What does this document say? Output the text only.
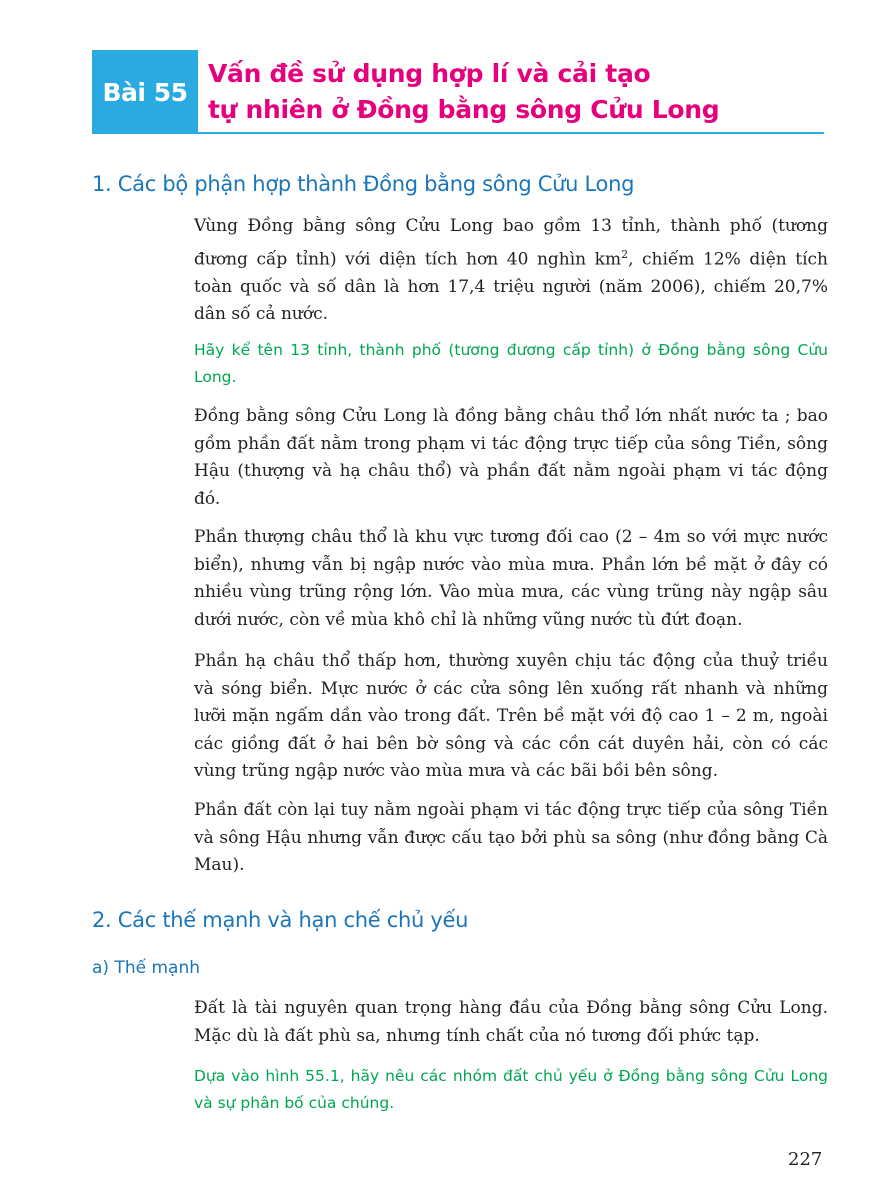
Bài 55
Vấn đề sử dụng hợp lí và cải tạo
tự nhiên ở Đồng bằng sông Cửu Long
1. Các bộ phận hợp thành Đồng bằng sông Cửu Long

Vùng Đồng bằng sông Cửu Long bao gồm 13 tỉnh, thành phố (tương đương cấp tỉnh) với diện tích hơn 40 nghìn $km^2$, chiếm 12% diện tích toàn quốc và số dân là hơn 17,4 triệu người (năm 2006), chiếm 20,7% dân số cả nước.

Hãy kể tên 13 tỉnh, thành phố (tương đương cấp tỉnh) ở Đồng bằng sông Cửu Long.

Đồng bằng sông Cửu Long là đồng bằng châu thổ lớn nhất nước ta ; bao gồm phần đất nằm trong phạm vi tác động trực tiếp của sông Tiền, sông Hậu (thượng và hạ châu thổ) và phần đất nằm ngoài phạm vi tác động đó.

Phần thượng châu thổ là khu vực tương đối cao (2 – 4m so với mực nước biển), nhưng vẫn bị ngập nước vào mùa mưa. Phần lớn bề mặt ở đây có nhiều vùng trũng rộng lớn. Vào mùa mưa, các vùng trũng này ngập sâu dưới nước, còn về mùa khô chỉ là những vũng nước tù đứt đoạn.

Phần hạ châu thổ thấp hơn, thường xuyên chịu tác động của thuỷ triều và sóng biển. Mực nước ở các cửa sông lên xuống rất nhanh và những lưỡi mặn ngấm dần vào trong đất. Trên bề mặt với độ cao 1 – 2 m, ngoài các giồng đất ở hai bên bờ sông và các cồn cát duyên hải, còn có các vùng trũng ngập nước vào mùa mưa và các bãi bồi bên sông.

Phần đất còn lại tuy nằm ngoài phạm vi tác động trực tiếp của sông Tiền và sông Hậu nhưng vẫn được cấu tạo bởi phù sa sông (như đồng bằng Cà Mau).

2. Các thế mạnh và hạn chế chủ yếu
a) Thế mạnh

Đất là tài nguyên quan trọng hàng đầu của Đồng bằng sông Cửu Long. Mặc dù là đất phù sa, nhưng tính chất của nó tương đối phức tạp.

Dựa vào hình 55.1, hãy nêu các nhóm đất chủ yếu ở Đồng bằng sông Cửu Long và sự phân bố của chúng.

227
